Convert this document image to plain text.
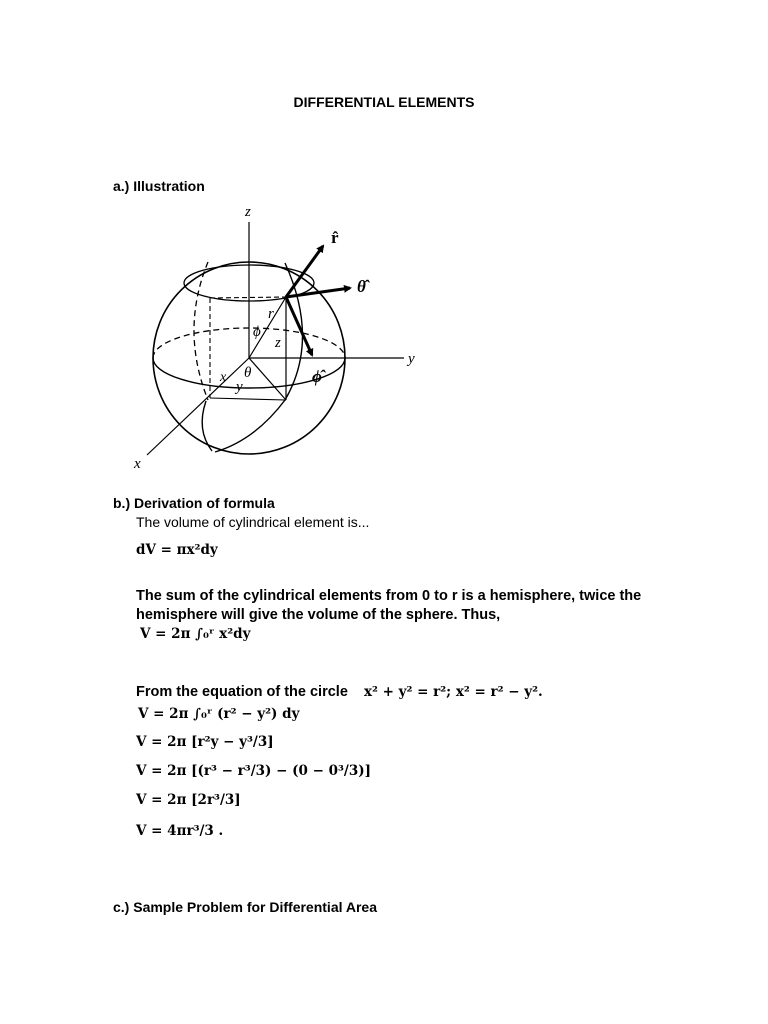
DIFFERENTIAL ELEMENTS
a.) Illustration
z
y
x
r̂
θ̂
ϕ̂
r
ϕ
z
θ
y
x
b.) Derivation of formula
The volume of cylindrical element is...
dV = πx²dy
The sum of the cylindrical elements from 0 to r is a hemisphere, twice the
hemisphere will give the volume of the sphere. Thus,
V = 2π ∫₀ʳ x²dy
From the equation of the circle x² + y² = r²; x² = r² − y².
V = 2π ∫₀ʳ (r² − y²) dy
V = 2π [r²y − y³/3]
V = 2π [(r³ − r³/3) − (0 − 0³/3)]
V = 2π [2r³/3]
V = 4πr³/3 .
c.) Sample Problem for Differential Area
